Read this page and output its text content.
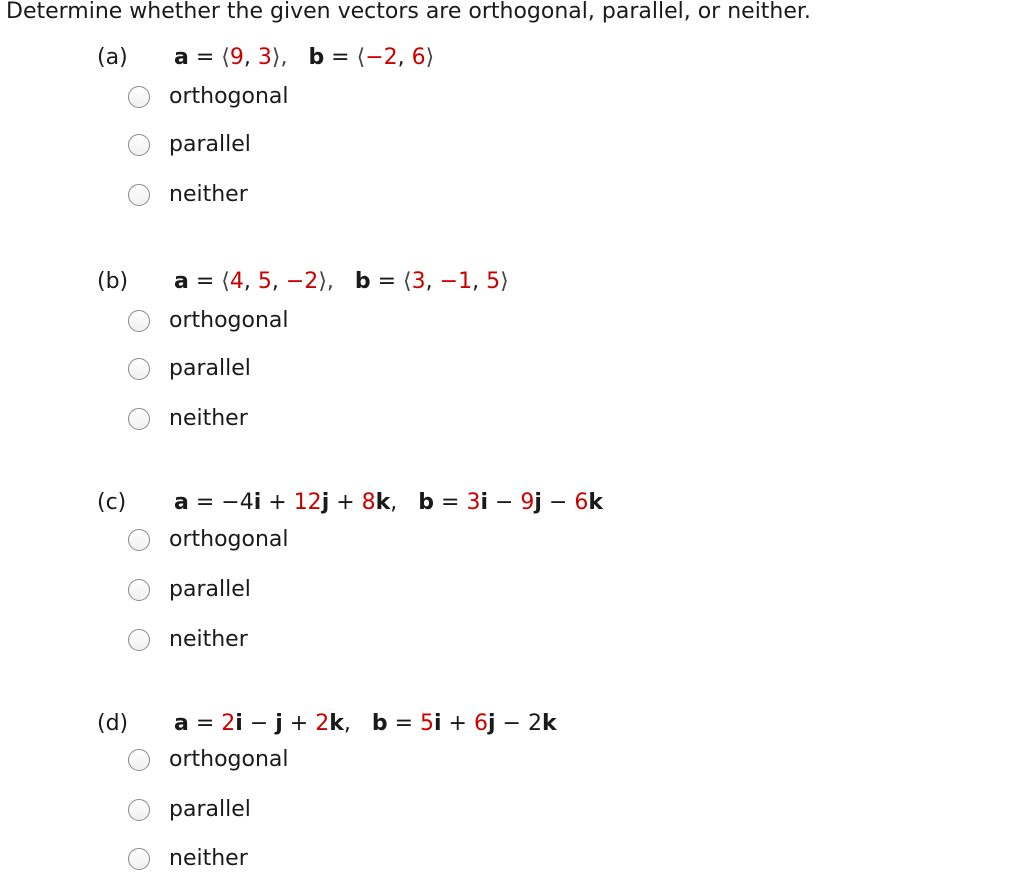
Determine whether the given vectors are orthogonal, parallel, or neither.
(a) a = ⟨9, 3⟩, b = ⟨−2, 6⟩
orthogonal
parallel
neither
(b) a = ⟨4, 5, −2⟩, b = ⟨3, −1, 5⟩
orthogonal
parallel
neither
(c) a = −4i + 12j + 8k,   b = 3i − 9j − 6k
orthogonal
parallel
neither
(d) a = 2i − j + 2k,   b = 5i + 6j − 2k
orthogonal
parallel
neither
